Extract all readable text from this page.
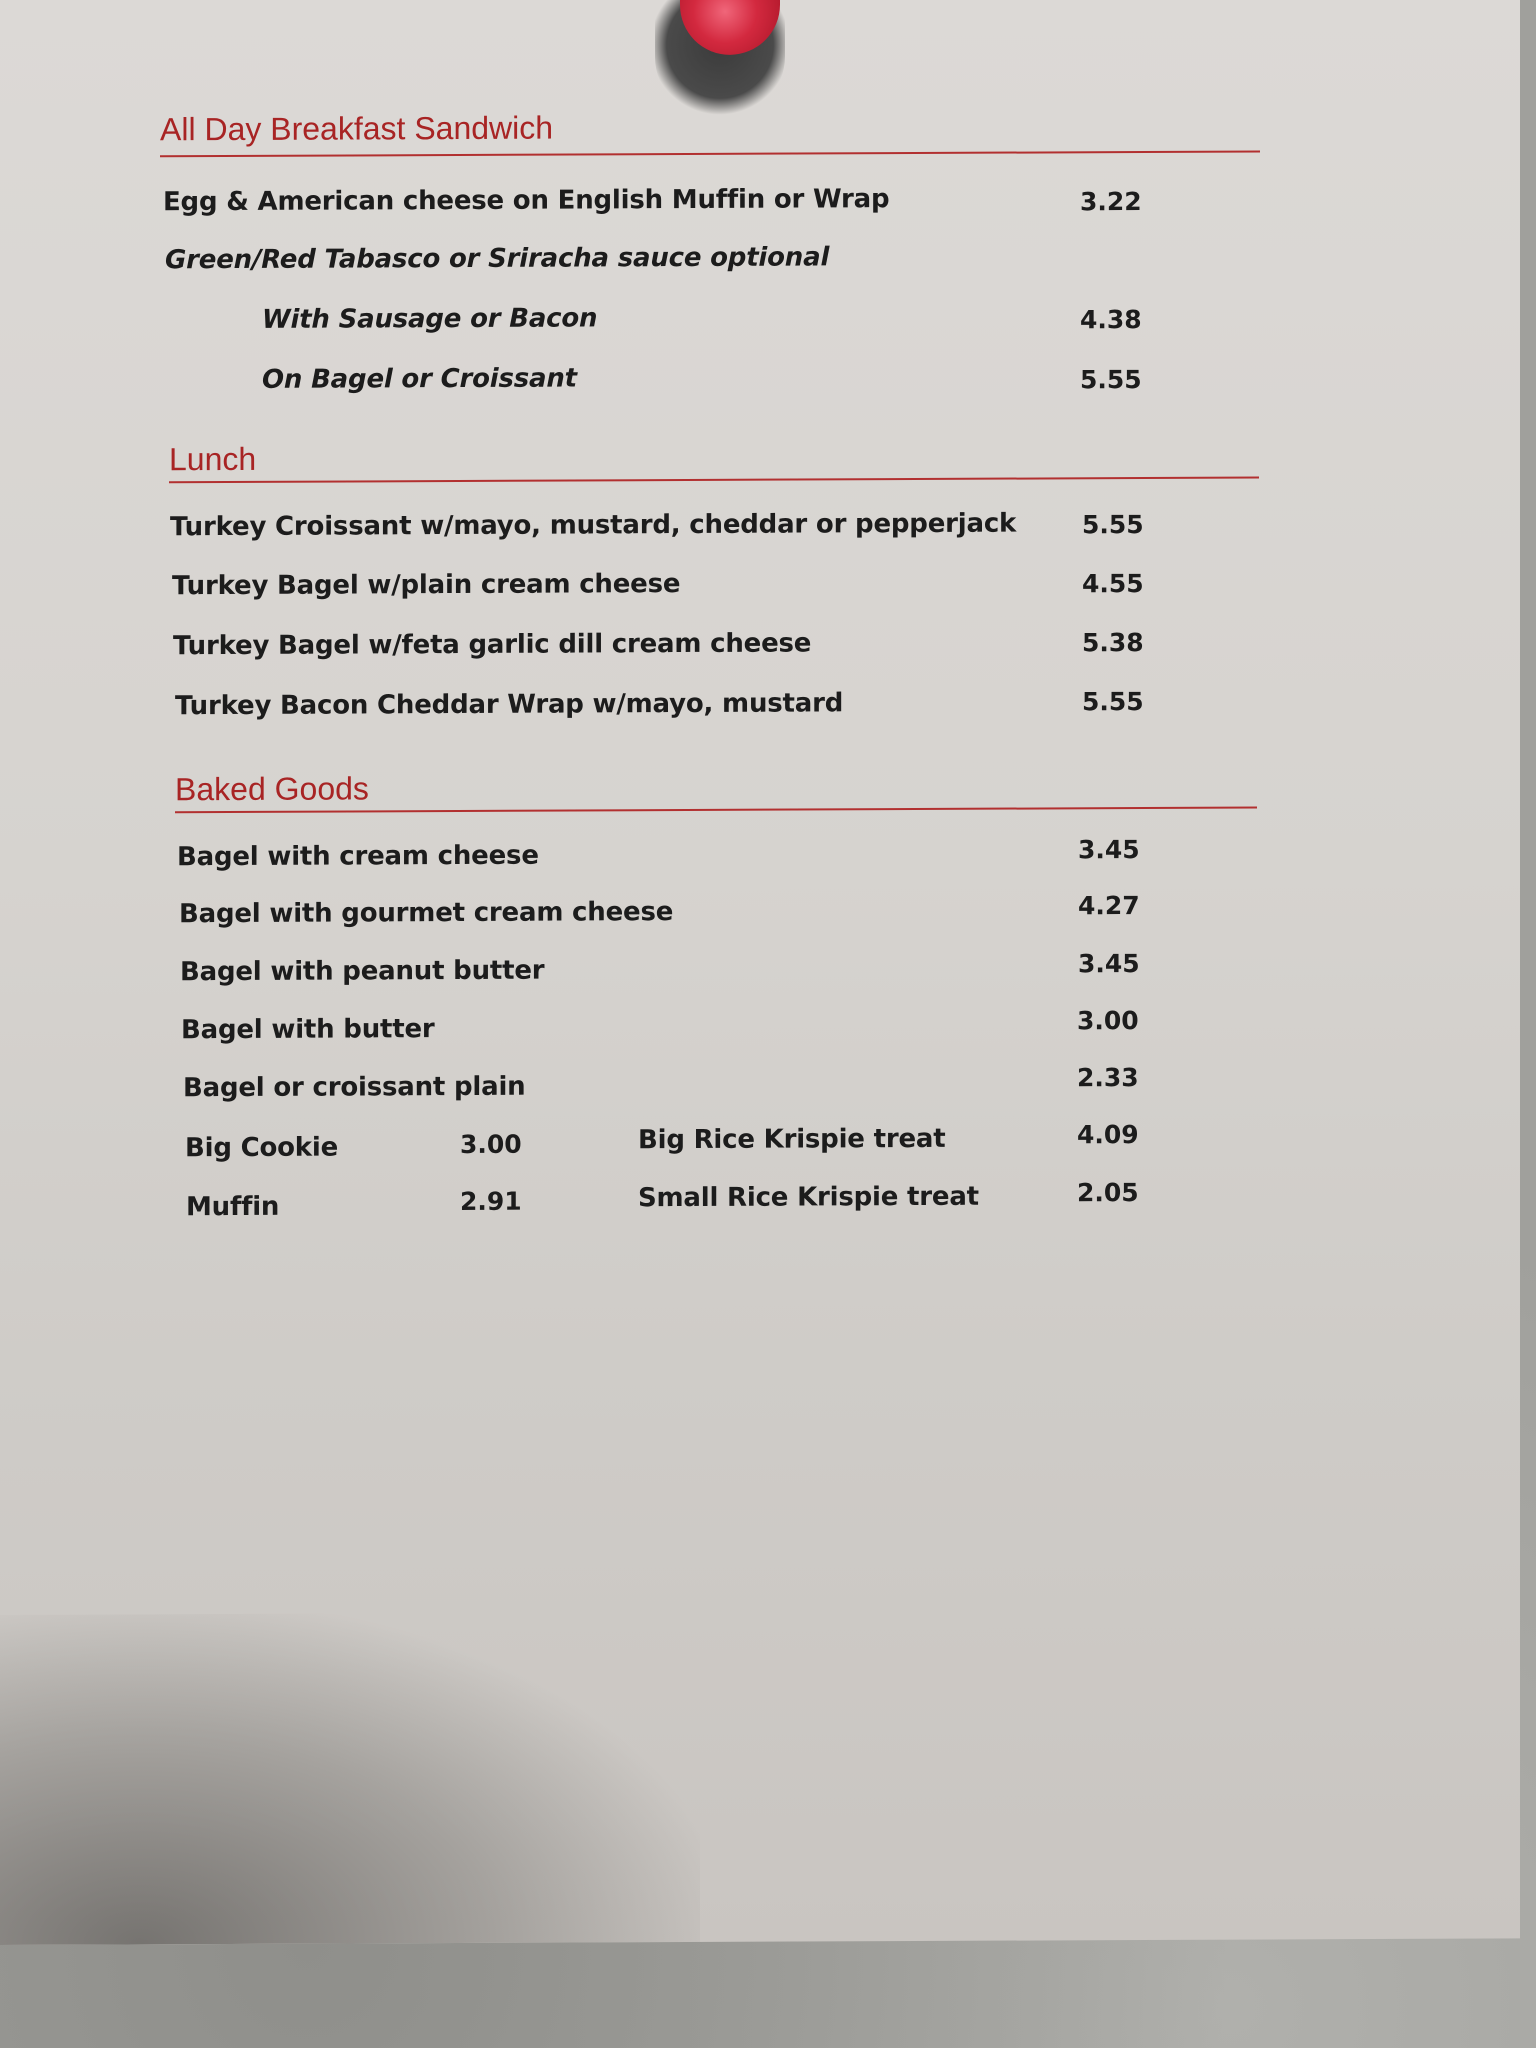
All Day Breakfast Sandwich
Egg & American cheese on English Muffin or Wrap	3.22
Green/Red Tabasco or Sriracha sauce optional
With Sausage or Bacon	4.38
On Bagel or Croissant	5.55
Lunch
Turkey Croissant w/mayo, mustard, cheddar or pepperjack	5.55
Turkey Bagel w/plain cream cheese	4.55
Turkey Bagel w/feta garlic dill cream cheese	5.38
Turkey Bacon Cheddar Wrap w/mayo, mustard	5.55
Baked Goods
Bagel with cream cheese	3.45
Bagel with gourmet cream cheese	4.27
Bagel with peanut butter	3.45
Bagel with butter	3.00
Bagel or croissant plain	2.33
Big Cookie	3.00	Big Rice Krispie treat	4.09
Muffin	2.91	Small Rice Krispie treat	2.05
